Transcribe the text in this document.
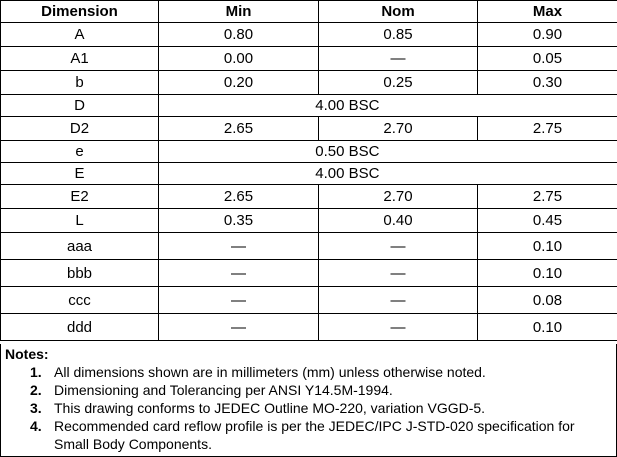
Dimension	Min	Nom	Max
A	0.80	0.85	0.90
A1	0.00	—	0.05
b	0.20	0.25	0.30
D	4.00 BSC		
D2	2.65	2.70	2.75
e	0.50 BSC		
E	4.00 BSC		
E2	2.65	2.70	2.75
L	0.35	0.40	0.45
aaa	—	—	0.10
bbb	—	—	0.10
ccc	—	—	0.08
ddd	—	—	0.10
Notes:
1. All dimensions shown are in millimeters (mm) unless otherwise noted.
2. Dimensioning and Tolerancing per ANSI Y14.5M-1994.
3. This drawing conforms to JEDEC Outline MO-220, variation VGGD-5.
4. Recommended card reflow profile is per the JEDEC/IPC J-STD-020 specification for Small Body Components.
